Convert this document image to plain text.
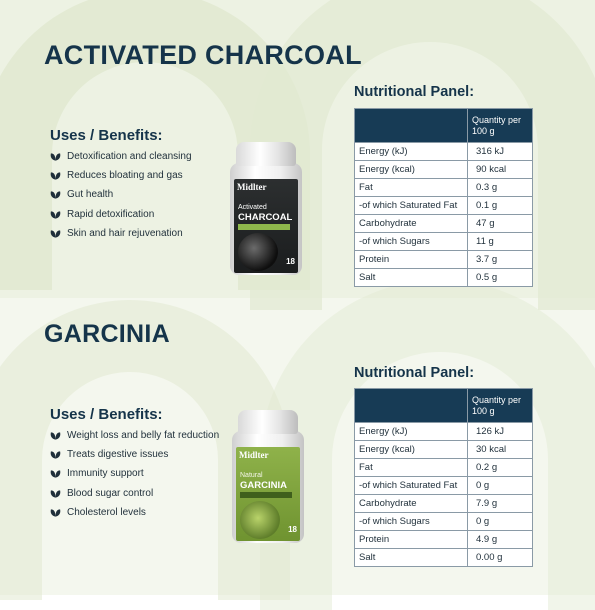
ACTIVATED CHARCOAL
Uses / Benefits:
Detoxification and cleansing
Reduces bloating and gas
Gut health
Rapid detoxification
Skin and hair rejuvenation
Midlter
Activated
CHARCOAL
18
Nutritional Panel:
	Quantity per 100 g
Energy (kJ)	316 kJ
Energy (kcal)	90 kcal
Fat	0.3 g
-of which Saturated Fat	0.1 g
Carbohydrate	47 g
-of which Sugars	11 g
Protein	3.7 g
Salt	0.5 g
GARCINIA
Uses / Benefits:
Weight loss and belly fat reduction
Treats digestive issues
Immunity support
Blood sugar control
Cholesterol levels
Midlter
Natural
GARCINIA
18
Nutritional Panel:
	Quantity per 100 g
Energy (kJ)	126 kJ
Energy (kcal)	30 kcal
Fat	0.2 g
-of which Saturated Fat	0 g
Carbohydrate	7.9 g
-of which Sugars	0 g
Protein	4.9 g
Salt	0.00 g
